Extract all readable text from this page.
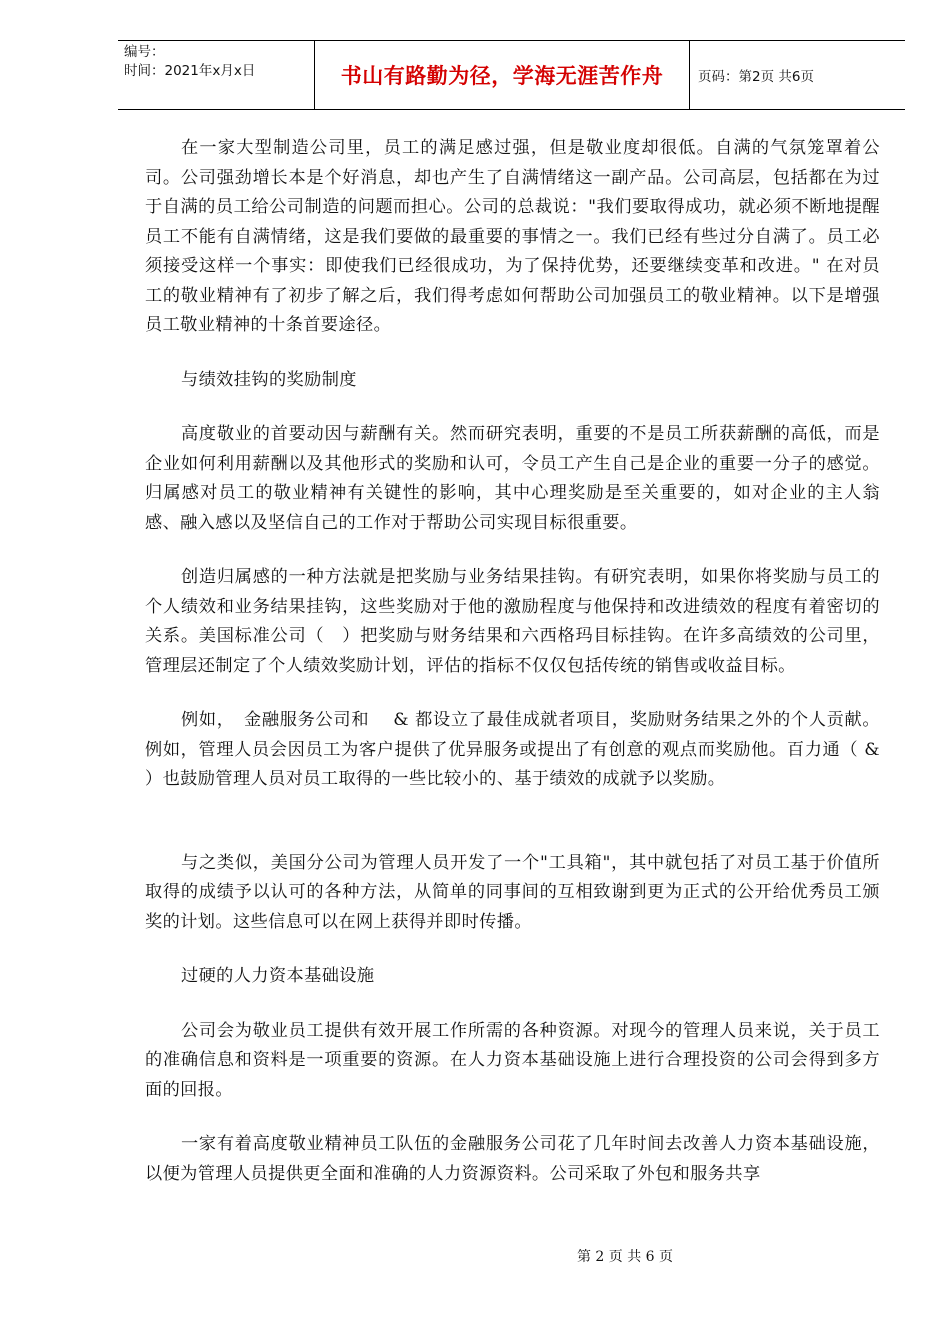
编号：
时间：2021年x月x日	书山有路勤为径，学海无涯苦作舟	页码：第2页 共6页

在一家大型制造公司里，员工的满足感过强，但是敬业度却很低。自满的气氛笼罩着公司。公司强劲增长本是个好消息，却也产生了自满情绪这一副产品。公司高层，包括都在为过于自满的员工给公司制造的问题而担心。公司的总裁说："我们要取得成功，就必须不断地提醒员工不能有自满情绪，这是我们要做的最重要的事情之一。我们已经有些过分自满了。员工必须接受这样一个事实：即使我们已经很成功，为了保持优势，还要继续变革和改进。" 在对员工的敬业精神有了初步了解之后，我们得考虑如何帮助公司加强员工的敬业精神。以下是增强员工敬业精神的十条首要途径。

与绩效挂钩的奖励制度

高度敬业的首要动因与薪酬有关。然而研究表明，重要的不是员工所获薪酬的高低，而是企业如何利用薪酬以及其他形式的奖励和认可，令员工产生自己是企业的重要一分子的感觉。归属感对员工的敬业精神有关键性的影响，其中心理奖励是至关重要的，如对企业的主人翁感、融入感以及坚信自己的工作对于帮助公司实现目标很重要。

创造归属感的一种方法就是把奖励与业务结果挂钩。有研究表明，如果你将奖励与员工的个人绩效和业务结果挂钩，这些奖励对于他的激励程度与他保持和改进绩效的程度有着密切的关系。美国标准公司（　）把奖励与财务结果和六西格玛目标挂钩。在许多高绩效的公司里，管理层还制定了个人绩效奖励计划，评估的指标不仅仅包括传统的销售或收益目标。

例如，　金融服务公司和　 & 都设立了最佳成就者项目，奖励财务结果之外的个人贡献。例如，管理人员会因员工为客户提供了优异服务或提出了有创意的观点而奖励他。百力通（ & ）也鼓励管理人员对员工取得的一些比较小的、基于绩效的成就予以奖励。

与之类似，美国分公司为管理人员开发了一个"工具箱"，其中就包括了对员工基于价值所取得的成绩予以认可的各种方法，从简单的同事间的互相致谢到更为正式的公开给优秀员工颁奖的计划。这些信息可以在网上获得并即时传播。

过硬的人力资本基础设施

公司会为敬业员工提供有效开展工作所需的各种资源。对现今的管理人员来说，关于员工的准确信息和资料是一项重要的资源。在人力资本基础设施上进行合理投资的公司会得到多方面的回报。

一家有着高度敬业精神员工队伍的金融服务公司花了几年时间去改善人力资本基础设施，以便为管理人员提供更全面和准确的人力资源资料。公司采取了外包和服务共享

第 2 页 共 6 页
